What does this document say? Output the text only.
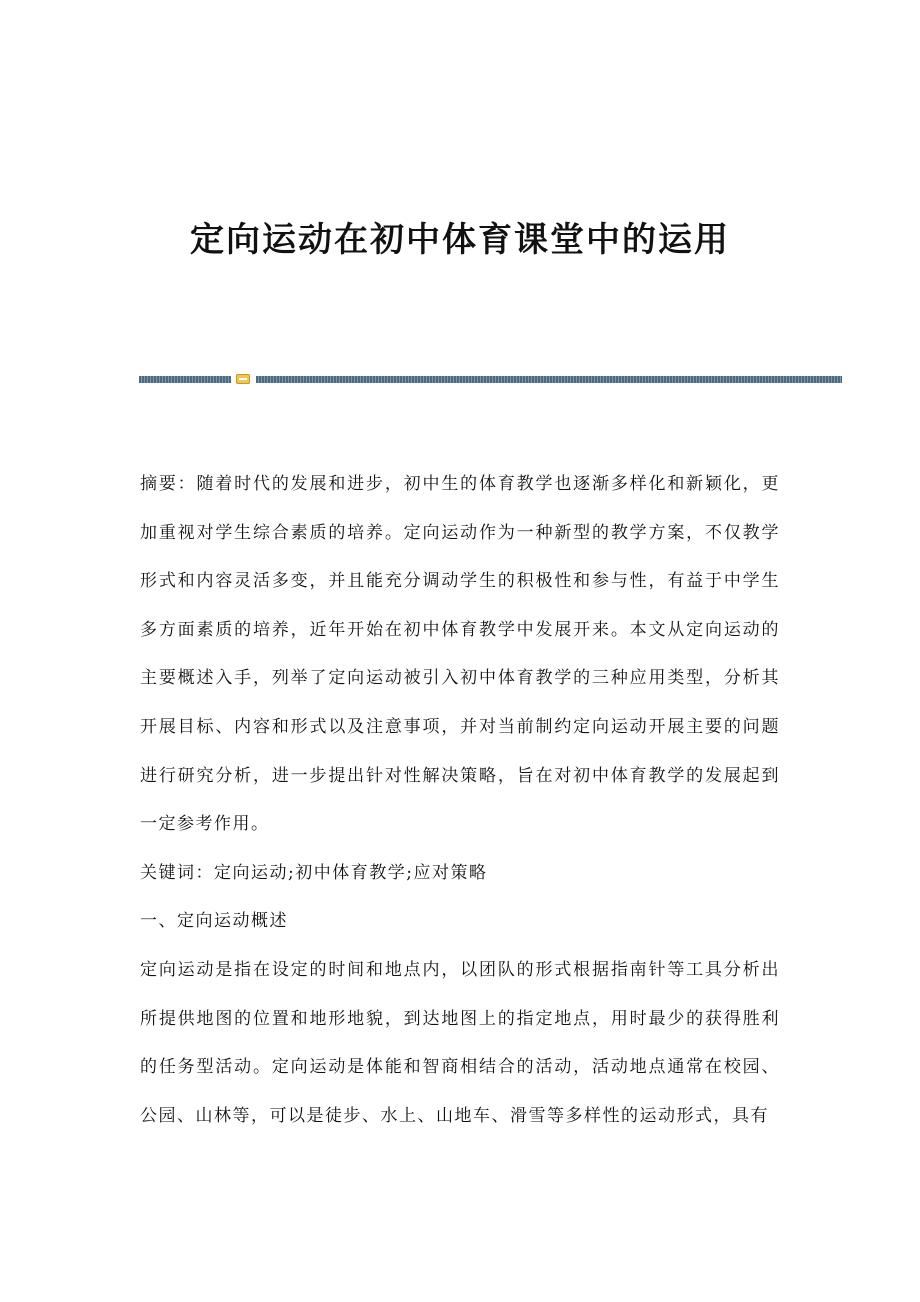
定向运动在初中体育课堂中的运用

摘要：随着时代的发展和进步，初中生的体育教学也逐渐多样化和新颖化，更加重视对学生综合素质的培养。定向运动作为一种新型的教学方案，不仅教学形式和内容灵活多变，并且能充分调动学生的积极性和参与性，有益于中学生多方面素质的培养，近年开始在初中体育教学中发展开来。本文从定向运动的主要概述入手，列举了定向运动被引入初中体育教学的三种应用类型，分析其开展目标、内容和形式以及注意事项，并对当前制约定向运动开展主要的问题进行研究分析，进一步提出针对性解决策略，旨在对初中体育教学的发展起到一定参考作用。

关键词：定向运动;初中体育教学;应对策略

一、定向运动概述

定向运动是指在设定的时间和地点内，以团队的形式根据指南针等工具分析出所提供地图的位置和地形地貌，到达地图上的指定地点，用时最少的获得胜利的任务型活动。定向运动是体能和智商相结合的活动，活动地点通常在校园、公园、山林等，可以是徒步、水上、山地车、滑雪等多样性的运动形式，具有
